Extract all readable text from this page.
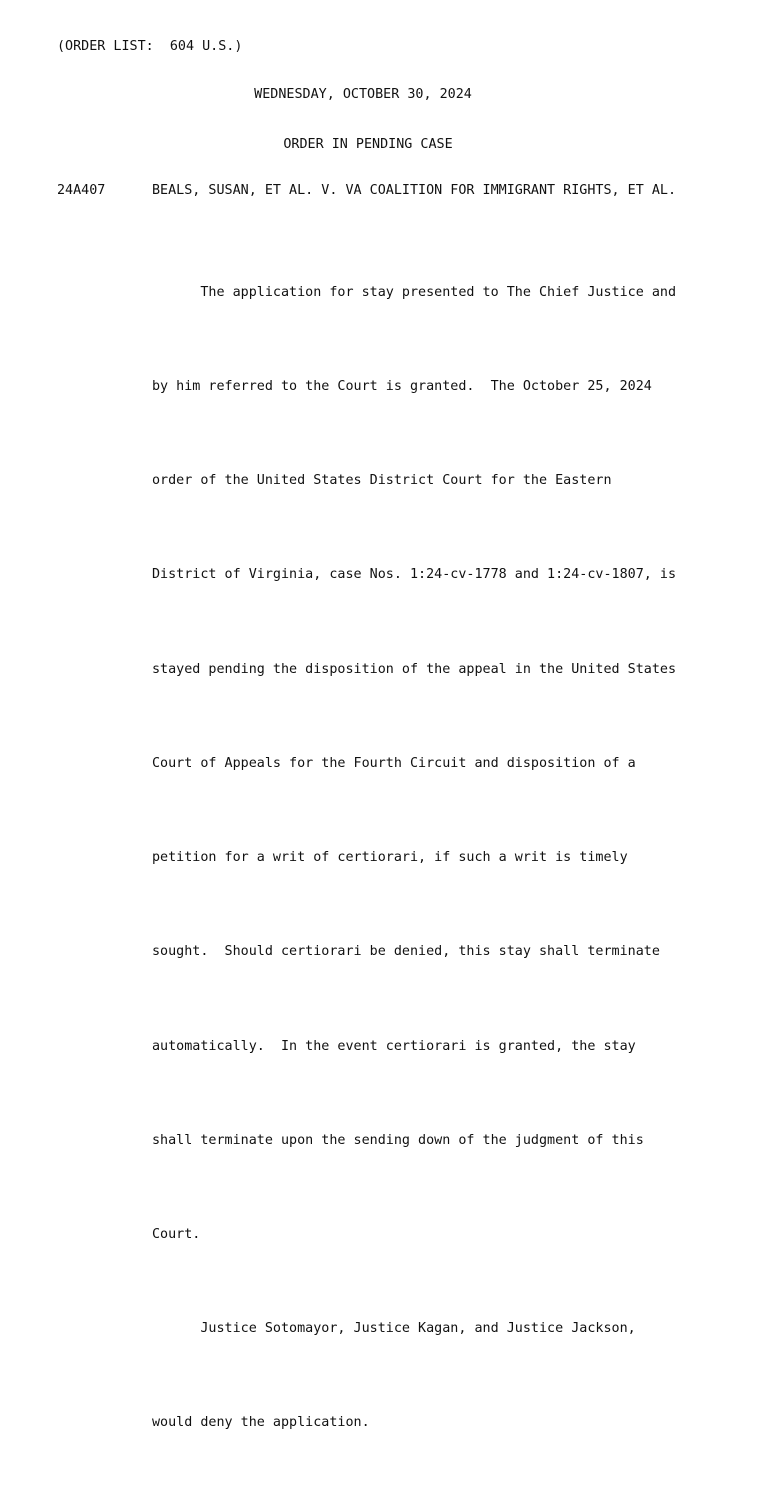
(ORDER LIST:  604 U.S.)
WEDNESDAY, OCTOBER 30, 2024
ORDER IN PENDING CASE
24A407	BEALS, SUSAN, ET AL. V. VA COALITION FOR IMMIGRANT RIGHTS, ET AL.

The application for stay presented to The Chief Justice and

by him referred to the Court is granted.  The October 25, 2024

order of the United States District Court for the Eastern

District of Virginia, case Nos. 1:24-cv-1778 and 1:24-cv-1807, is

stayed pending the disposition of the appeal in the United States

Court of Appeals for the Fourth Circuit and disposition of a

petition for a writ of certiorari, if such a writ is timely

sought.  Should certiorari be denied, this stay shall terminate

automatically.  In the event certiorari is granted, the stay

shall terminate upon the sending down of the judgment of this

Court.

Justice Sotomayor, Justice Kagan, and Justice Jackson,

would deny the application.
